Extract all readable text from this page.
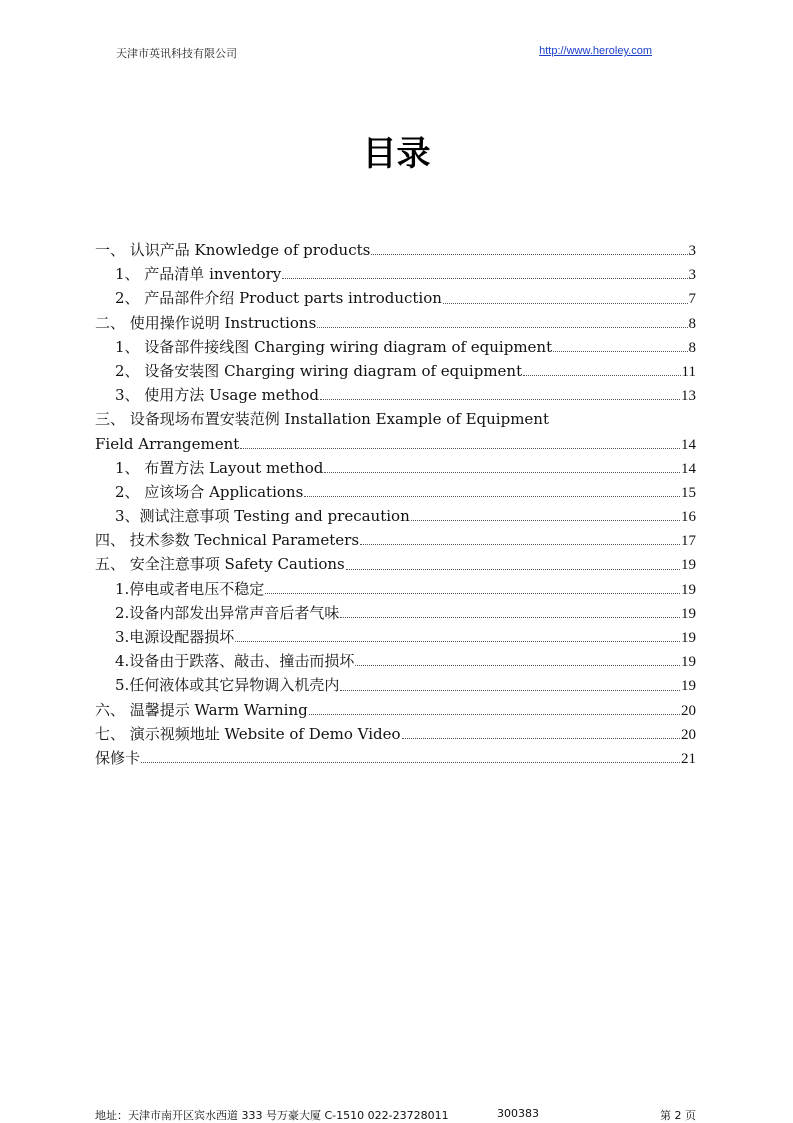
天津市英讯科技有限公司	http://www.heroley.com
目录
一、 认识产品 Knowledge of products	3
1、 产品清单 inventory	3
2、 产品部件介绍 Product parts introduction	7
二、 使用操作说明 Instructions	8
1、 设备部件接线图 Charging wiring diagram of equipment	8
2、 设备安装图 Charging wiring diagram of equipment	11
3、 使用方法 Usage method	13
三、 设备现场布置安装范例 Installation Example of Equipment
Field Arrangement	14
1、 布置方法 Layout method	14
2、 应该场合 Applications	15
3、测试注意事项 Testing and precaution	16
四、 技术参数 Technical Parameters	17
五、 安全注意事项 Safety Cautions	19
1.停电或者电压不稳定	19
2.设备内部发出异常声音后者气味	19
3.电源设配器损坏	19
4.设备由于跌落、敲击、撞击而损坏	19
5.任何液体或其它异物调入机壳内	19
六、 温馨提示 Warm Warning	20
七、 演示视频地址 Website of Demo Video	20
保修卡	21
地址：天津市南开区宾水西道 333 号万豪大厦 C-1510 022-23728011	300383	第 2 页
